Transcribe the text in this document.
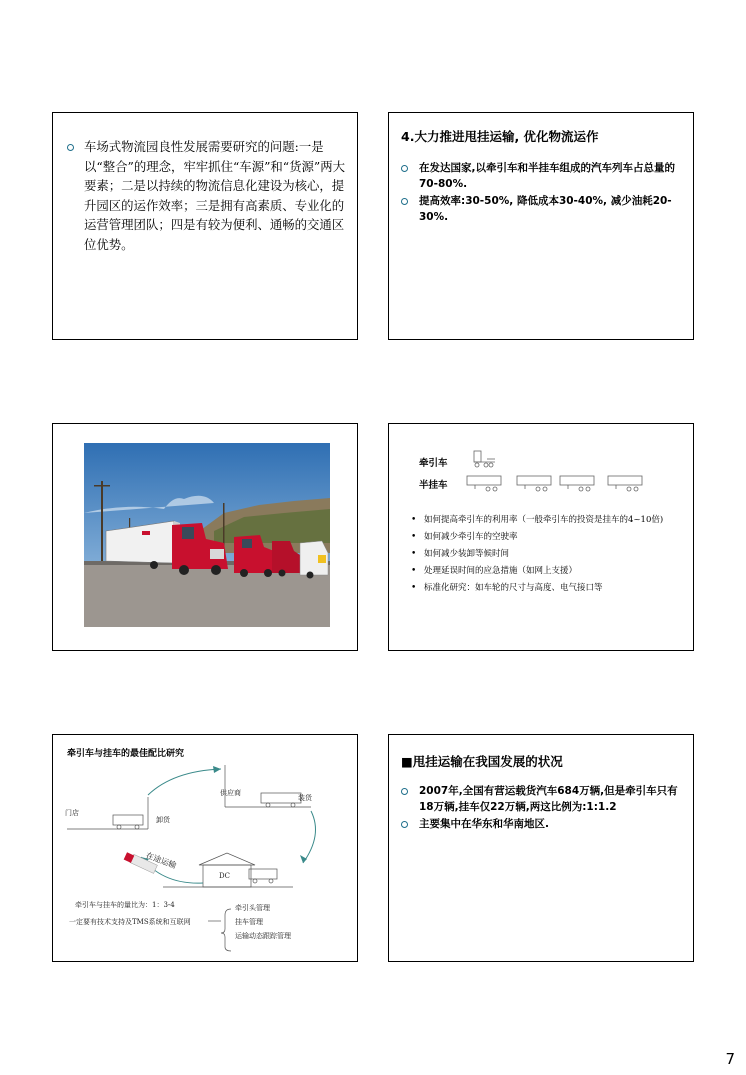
车场式物流园良性发展需要研究的问题:一是以“整合”的理念，牢牢抓住“车源”和“货源”两大要素；二是以持续的物流信息化建设为核心，提升园区的运作效率；三是拥有高素质、专业化的运营管理团队；四是有较为便利、通畅的交通区位优势。
4.大力推进甩挂运输, 优化物流运作
在发达国家,以牵引车和半挂车组成的汽车列车占总量的70-80%.
提高效率:30-50%, 降低成本30-40%, 减少油耗20-30%.
牵引车
半挂车
• 如何提高牵引车的利用率（一般牵引车的投资是挂车的4~10倍)
• 如何减少牵引车的空驶率
• 如何减少装卸等候时间
• 处理延误时间的应急措施（如网上支援）
• 标准化研究：如车轮的尺寸与高度、电气接口等
牵引车与挂车的最佳配比研究
供应商
装货
门店
卸货
在途运输
DC
牵引车与挂车的量比为：1：3-4
一定要有技术支持及TMS系统和互联网
牵引头管理
挂车管理
运输动态跟踪管理
■甩挂运输在我国发展的状况
2007年,全国有营运载货汽车684万辆,但是牵引车只有18万辆,挂车仅22万辆,两这比例为:1:1.2
主要集中在华东和华南地区.
7
